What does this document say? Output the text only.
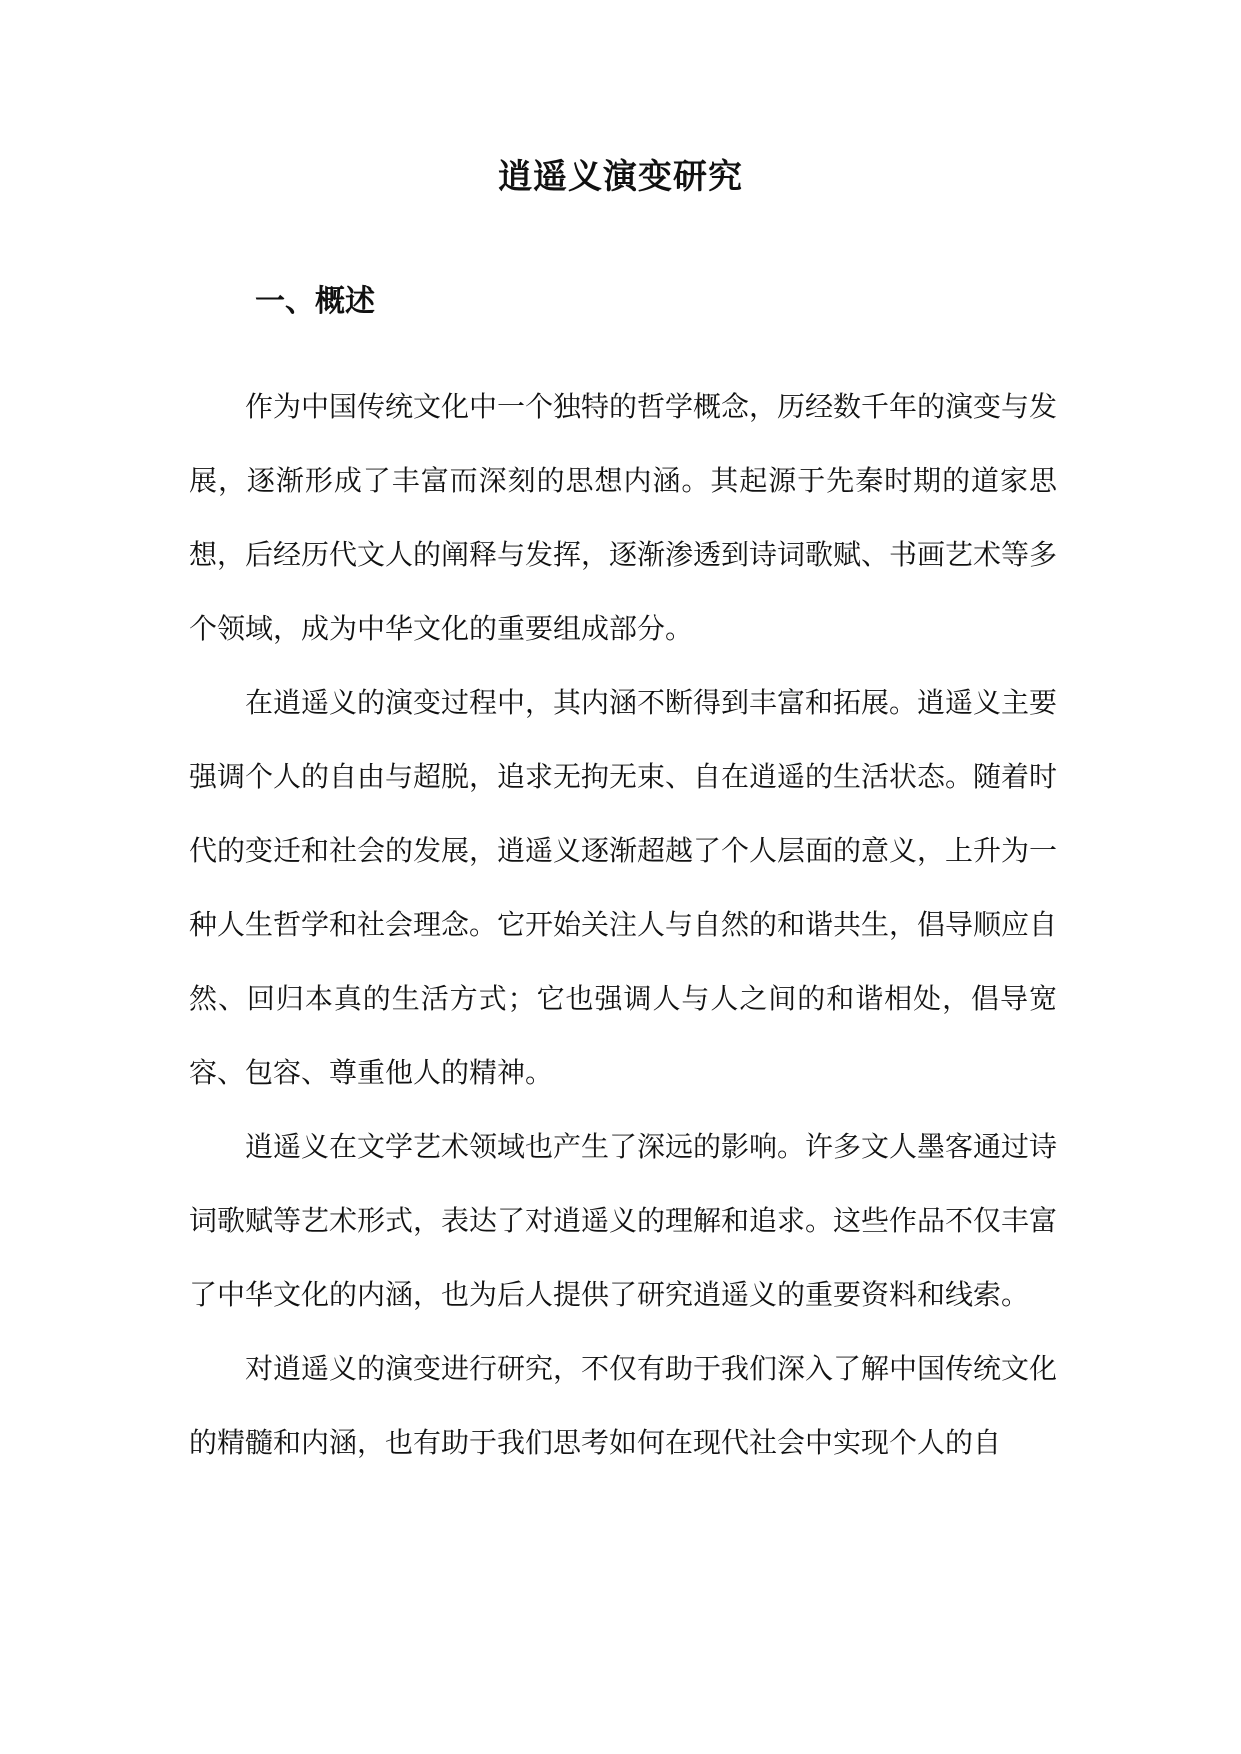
逍遥义演变研究
一、概述

作为中国传统文化中一个独特的哲学概念，历经数千年的演变与发展，逐渐形成了丰富而深刻的思想内涵。其起源于先秦时期的道家思想，后经历代文人的阐释与发挥，逐渐渗透到诗词歌赋、书画艺术等多个领域，成为中华文化的重要组成部分。

在逍遥义的演变过程中，其内涵不断得到丰富和拓展。逍遥义主要强调个人的自由与超脱，追求无拘无束、自在逍遥的生活状态。随着时代的变迁和社会的发展，逍遥义逐渐超越了个人层面的意义，上升为一种人生哲学和社会理念。它开始关注人与自然的和谐共生，倡导顺应自然、回归本真的生活方式；它也强调人与人之间的和谐相处，倡导宽容、包容、尊重他人的精神。

逍遥义在文学艺术领域也产生了深远的影响。许多文人墨客通过诗词歌赋等艺术形式，表达了对逍遥义的理解和追求。这些作品不仅丰富了中华文化的内涵，也为后人提供了研究逍遥义的重要资料和线索。

对逍遥义的演变进行研究，不仅有助于我们深入了解中国传统文化的精髓和内涵，也有助于我们思考如何在现代社会中实现个人的自
